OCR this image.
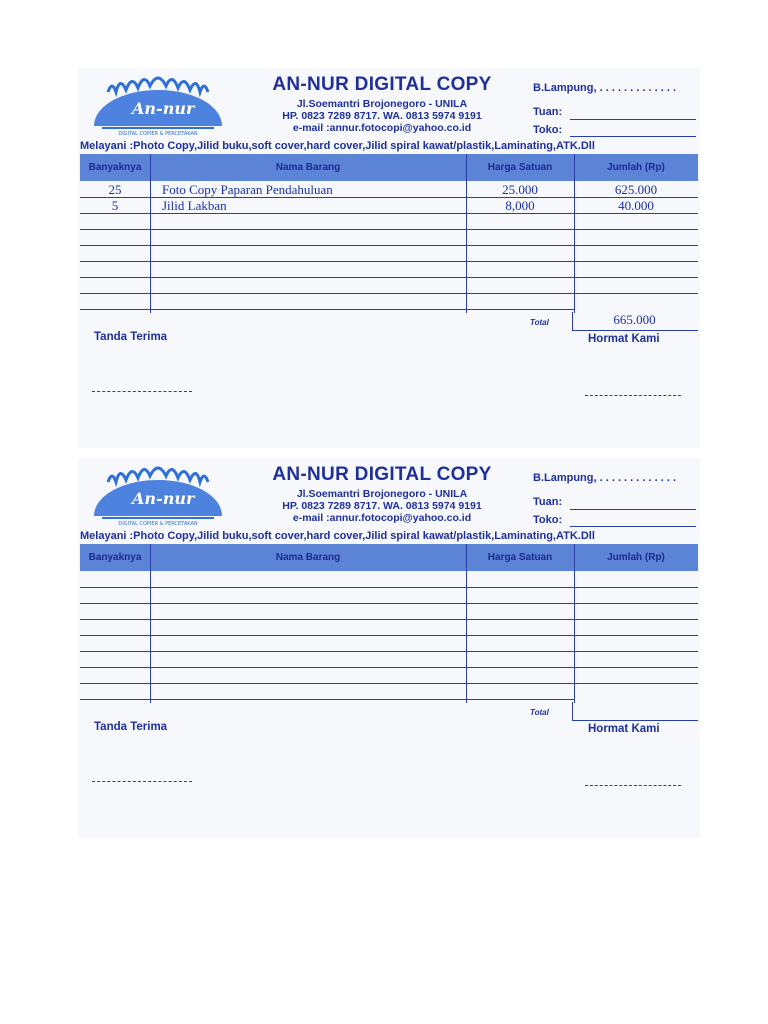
An-nur
DIGITAL COPIER & PERCETAKAN
AN-NUR DIGITAL COPY
Jl.Soemantri Brojonegoro - UNILA
HP. 0823 7289 8717. WA. 0813 5974 9191
e-mail :annur.fotocopi@yahoo.co.id
B.Lampung, . . . . . . . . . . . . .
Tuan:
Toko:
Melayani :Photo Copy,Jilid buku,soft cover,hard cover,Jilid spiral kawat/plastik,Laminating,ATK.Dll
Banyaknya	Nama Barang	Harga Satuan	Jumlah (Rp)
25	Foto Copy Paparan Pendahuluan	25.000	625.000
5	Jilid Lakban	8,000	40.000
Total	665.000
Tanda Terima	Hormat Kami
An-nur
DIGITAL COPIER & PERCETAKAN
AN-NUR DIGITAL COPY
Jl.Soemantri Brojonegoro - UNILA
HP. 0823 7289 8717. WA. 0813 5974 9191
e-mail :annur.fotocopi@yahoo.co.id
B.Lampung, . . . . . . . . . . . . .
Tuan:
Toko:
Melayani :Photo Copy,Jilid buku,soft cover,hard cover,Jilid spiral kawat/plastik,Laminating,ATK.Dll
Banyaknya	Nama Barang	Harga Satuan	Jumlah (Rp)
Total
Tanda Terima	Hormat Kami
